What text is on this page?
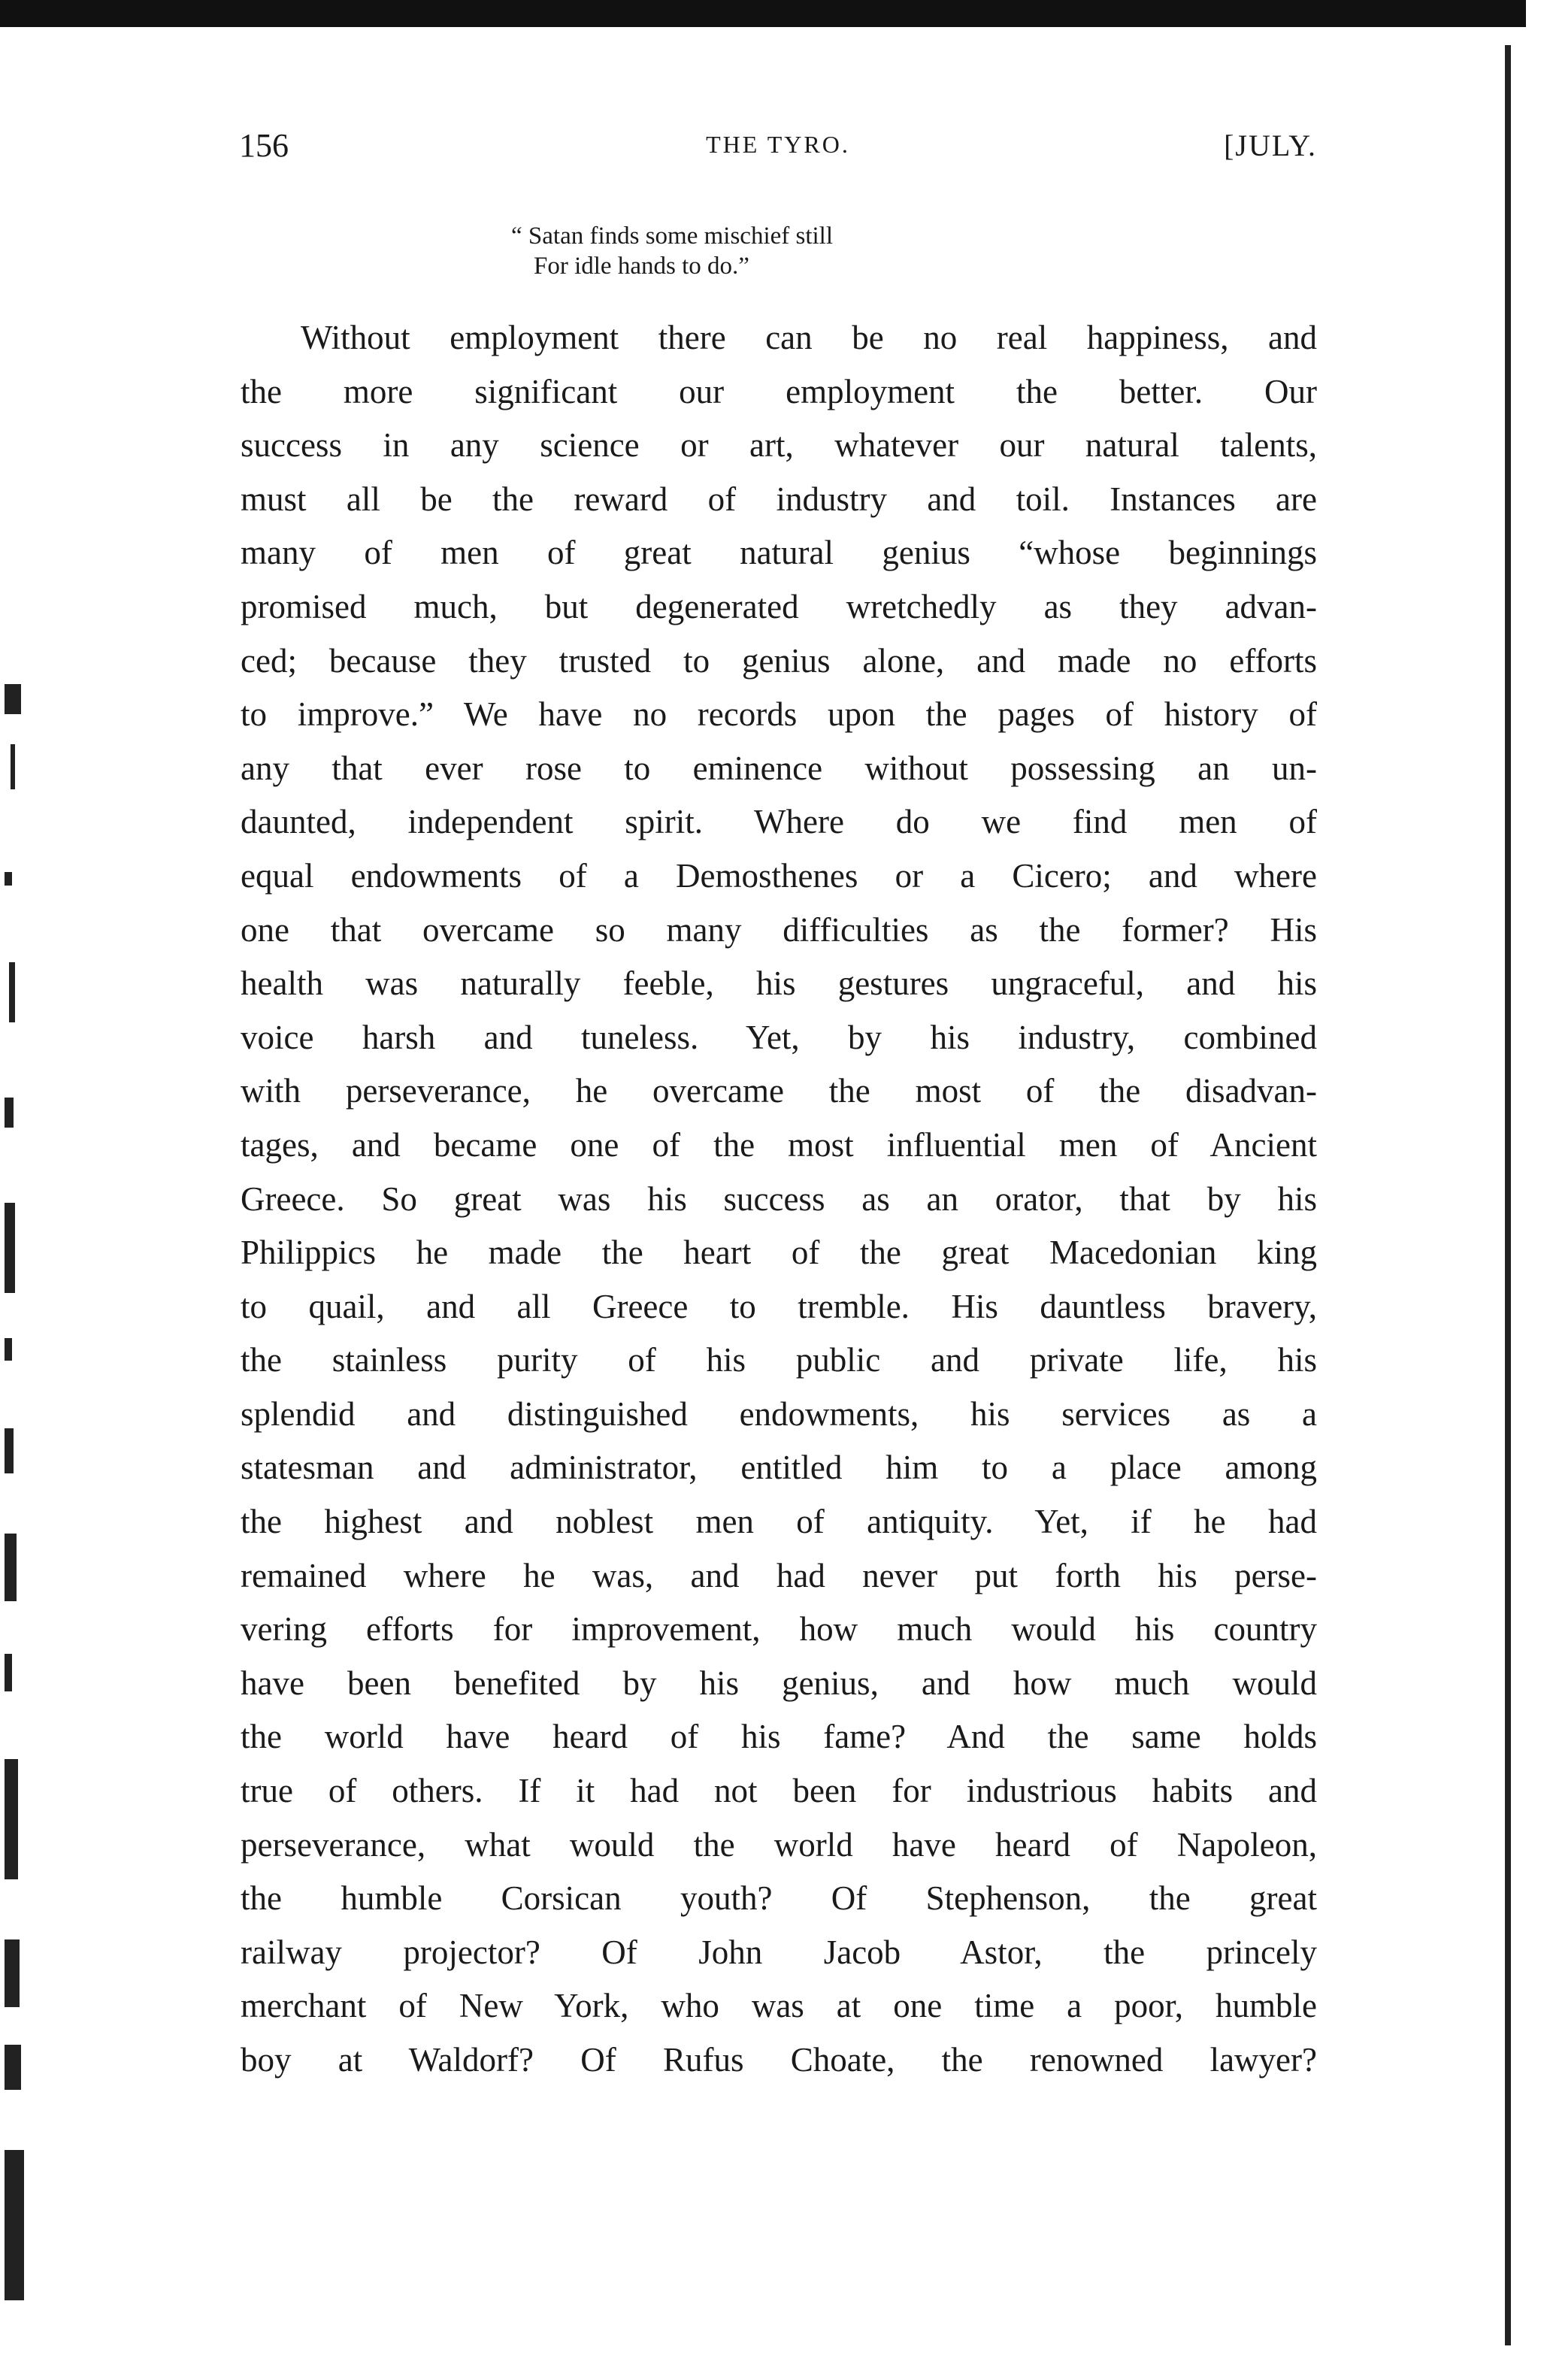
156	THE TYRO.	[JULY.
“ Satan finds some mischief still
For idle hands to do.”
Without employment there can be no real happiness, and
the more significant our employment the better. Our
success in any science or art, whatever our natural talents,
must all be the reward of industry and toil. Instances are
many of men of great natural genius “whose beginnings
promised much, but degenerated wretchedly as they advan-
ced; because they trusted to genius alone, and made no efforts
to improve.” We have no records upon the pages of history of
any that ever rose to eminence without possessing an un-
daunted, independent spirit. Where do we find men of
equal endowments of a Demosthenes or a Cicero; and where
one that overcame so many difficulties as the former? His
health was naturally feeble, his gestures ungraceful, and his
voice harsh and tuneless. Yet, by his industry, combined
with perseverance, he overcame the most of the disadvan-
tages, and became one of the most influential men of Ancient
Greece. So great was his success as an orator, that by his
Philippics he made the heart of the great Macedonian king
to quail, and all Greece to tremble. His dauntless bravery,
the stainless purity of his public and private life, his
splendid and distinguished endowments, his services as a
statesman and administrator, entitled him to a place among
the highest and noblest men of antiquity. Yet, if he had
remained where he was, and had never put forth his perse-
vering efforts for improvement, how much would his country
have been benefited by his genius, and how much would
the world have heard of his fame? And the same holds
true of others. If it had not been for industrious habits and
perseverance, what would the world have heard of Napoleon,
the humble Corsican youth? Of Stephenson, the great
railway projector? Of John Jacob Astor, the princely
merchant of New York, who was at one time a poor, humble
boy at Waldorf? Of Rufus Choate, the renowned lawyer?
